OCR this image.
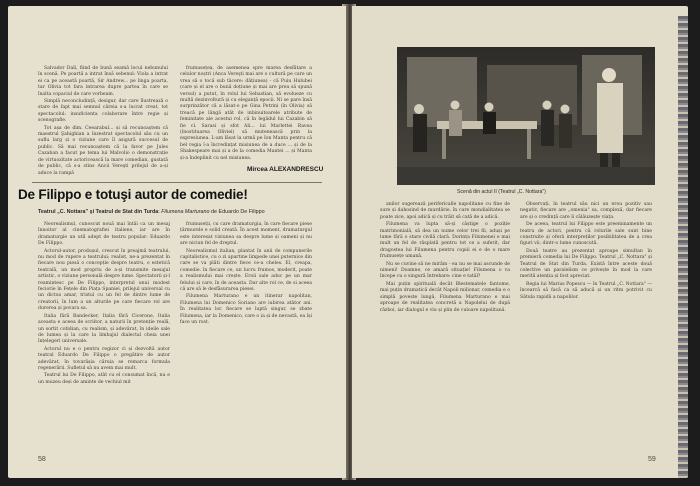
Salvador Dalí, fiind de bună seamă locul nebunului în scenă. Pe poartă a intrat însă sebenul: Viola a intrat ei ca pe această poartă, Sir Andrew... pe linga poarta, tar Olivia tot fara intrarea dupre partea în care se înalta copaciul de care vorbeam.

Simplă neconcludință, desigur, dar care îlustrează o stare de fapt mai semnul căreia s-a lucrat creat, tot spectacolul: insuficienta colaborare între regie și scenografie.

Tot așa de dim. Ceearabul... și să recunoaștem că maestrul Şahighian a înzestrat spectacolul său cu un suflu larg și o viziune care îl asigură succesul de public. Să mai recunoaștem că la favor pe Jules Cazaban a facut pe tema lui Malvolio o demonstrație de virtuozitate actoricească la mare comedian, gustată de public, că s-a stins Ancii Vereşti prilejul de a-și aduce la rampă

frumusețea, de asemenea spre marea desfătare a celulor noștri (Anca Vereşti mai are o cultură pe care un vrea să o tocă sub tăcere: dățiunea) - că Puiu Hulubei (care și el are o bună doțiune și mai are prea să spună versul) a putut, în rolul lui Sebastian, să evolueze cu multă dezinvoltură și cu eleganță epocii. Ni se pare însă surprinzător că a lăsat-o pe Gina Petrini (în Olivia) să treacă pe lângă atât de inbinuitoarele atribute de feminitate ale acestui rol, că în legădul lui Cazabin să fie cl. Sarasi și sfot Ali... lui Marlettei Ravea (înostituarea Oliviei) să mutenească prin la expresiunea. L-am lăsat la urmă pe Ion Manta pentru că bel regia î-a încredințat misiunea de a duce ... și de la Shakespeare mai și a de la comedia Mantei ... și Manta și-a îndeplinit cu nel misiunea.

Mircea ALEXANDRESCU
De Filippo e totuşi autor de comedie!
Teatrul „C. Nottara" şi Teatrul de Stat din Turda: Filumena Marturano de Eduardo De Filippo

Neorealismul, cunoscut nouă mai întâi ca un mesaj înnoitor al cinematografiei italiene, iar are în dramaturgie un util adept de teatru popular: Eduardo De Filippo.

Actorul-autor, produșul, crescut în preajmă teatrului, nu mod de rupere a teatrului; realist, ne-a prezentat în fiecare nou piesă o concepție despre teatru, o estetică teatrală, un mod propriu de a-și transmite mesajul artistic, o viziune personală despre lume. Spectatorii și-l reamintesc pe De Filippo, interpretul unui modest feciorie în Fețele din Piața Spaniei, prilejul universal cu un dictus amar, tristul cu un fel de dintre lume de creatorii, în lum a un alturile pe care fiecare rol are durerea și povara sa.

Italia fără Bandecker, Italia fără Cicerone, Italia aceasta e aceea de scriitor, a naturii în pretenție reală, un sortit cotidian, cu realism, și adevărat, în ideile sale de lumea și la care la limbajul dialectal cheia unei înțelegeri universale.

Actorul nu e o pentru regizor ci și dezvoltă autor teatral Eduardo De Filippo o pregătire de autor adevărat, în tovarășia căruia se remarca formula regenerării. Sufletul să nu avem mai mult.

Teatrul lui De Filippo, atât cu el consumat încă, nu e un muzeu deși de aminte de vechiul mit

frumuseții, cu care dramaturgia, în care fiecare piese țărmurele e solid creată. În acest moment, dramaturgul este interesat viziunea sa despre lume și oameni și nu are niciun fel de dreptul.

Neorealismul italian, plantat în anii de compunerile capitalistice, cu o zi apartine limpede unei puternice din care se va plăti dintre fiece ce-a cheles. El, creapa, comedie. în fiecare ce, un lucru frumos, moderit, poate a realismului mai crește. Eroii sale aduc pe un mar felului și care, în de aceasta. Dar alte rol ce, de si aceea că are să le desfăsurarea piesei.

Filumena Marturano e un itinerar napolitan, Filumena lui Domenico Soriano are iubirea atâtor ani. În realitatea lor, fiecare se luptă singur, se zbate Filumena, iar la Domenico, care o ia și de nevastă, ea își face un rost.

58
Scenă din actul II (Teatrul „C. Nottara")

anilor sugerează perifericalle napolitane cu fine de sure și dahosind de murdărie, în care mondialitatea se poate zice, apoi adică și cu trăit să cată de a adică.

Filumena va lupta să-și câștige o poziție matrimonială, să dea un nume celor trei fii, aduși pe lume fără o stare civilă clară. Dorința Filumenei e mai mult un fel de răsplată pentru tot ce a suferit, dar dragostea lui Filumena pentru copiii ei e de o mare frumusețe umană.

Nu se cuvine să ne mirăm - ea nu se mai ascunde de nimeni! Doamne, ce amară situație! Filumena o va începe cu o singură întrebare: cine e tatăl?

Mai puțin spirituală decât Blestematele fantome, mai puțin dramatică decât Napoli milionar, comedia e o simplă poveste lungă, Filumena Marturano e mai aproape de realitatea concretă a Napolelui de după război, iar dialogul e viu și plin de culoare napolitană.

Observați, în teatrul său nici un erou pozitiv sau negativ, fiecare are „omenia" sa, complexă, dar fiecare are și o credință care îi călăuzește viața.

De aceea, teatrul lui Filippo este preeminamente un teatru de actori, pentru că rolurile sale sunt bine construite și oferă interpreților posibilitatea de a crea figuri vii, dintr-o lume cunoscută.

Două teatre au prezentat aproape simultan în premieră comedia lui De Filippo. Teatrul „C. Nottara" și Teatrul de Stat din Turda. Există între aceste două colective un paralelism ce privește în mod la care merită atenția și fost apreciat.

Regia lui Marius Popescu — în Teatrul „C. Nottara" — încearcă să facă ca să aducă și un ritm potrivit cu Sătula rapidă a napolilor.

59
